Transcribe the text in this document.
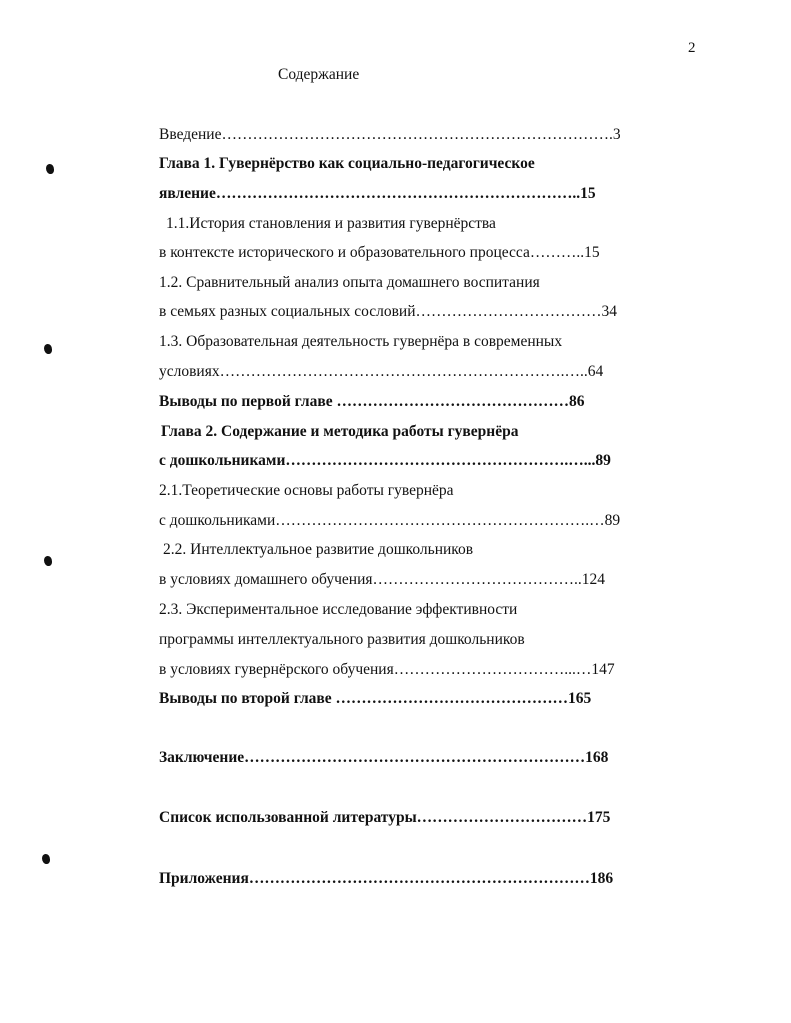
2
Содержание
Введение………………………………………………………………….3
Глава 1. Гувернёрство как социально-педагогическое
явление……………………………………………………………..15
1.1.История становления и развития гувернёрства
в контексте исторического и образовательного процесса………..15
1.2. Сравнительный анализ опыта домашнего воспитания
в семьях разных социальных сословий………………………………34
1.3. Образовательная деятельность гувернёра в современных
условиях………………………………………………………….…..64
Выводы по первой главе ………………………………………86
Глава 2. Содержание и методика работы гувернёра
с дошкольниками……………………………………………….…...89
2.1.Теоретические основы работы гувернёра
с дошкольниками…………………………………………………….…89
2.2. Интеллектуальное развитие дошкольников
в условиях домашнего обучения…………………………………..124
2.3. Экспериментальное исследование эффективности
программы интеллектуального развития дошкольников
в условиях гувернёрского обучения……………………………...…147
Выводы по второй главе ………………………………………165
Заключение…………………………………………………………168
Список использованной литературы……………………………175
Приложения…………………………………………………………186
